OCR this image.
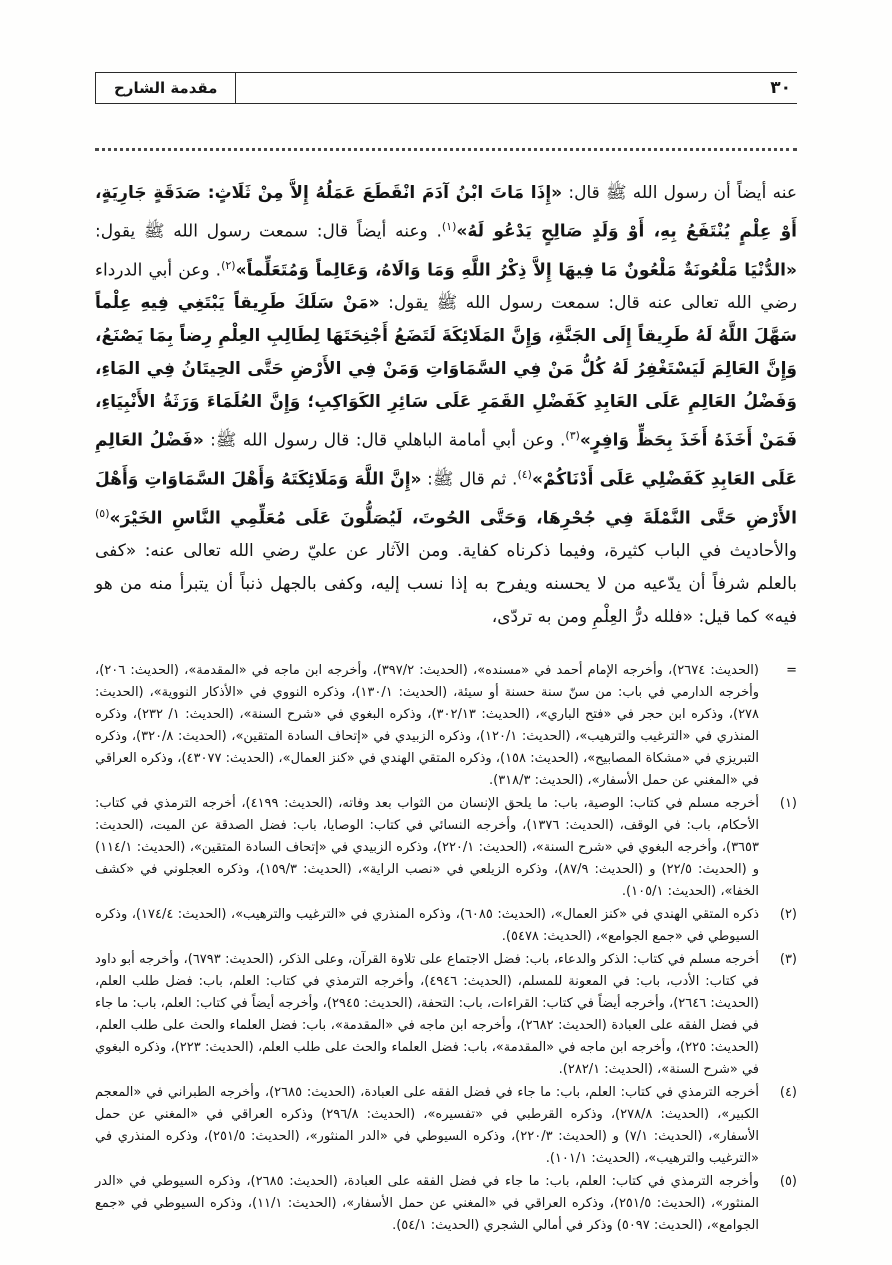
٣٠
مقدمة الشارح

عنه أيضاً أن رسول الله ﷺ قال: «إِذَا مَاتَ ابْنُ آدَمَ انْقَطَعَ عَمَلُهُ إِلاَّ مِنْ ثَلَاثٍ: صَدَقَةٍ جَارِيَةٍ، أَوْ عِلْمٍ يُنْتَفَعُ بِهِ، أَوْ وَلَدٍ صَالِحٍ يَدْعُو لَهُ»$^{(١)}$. وعنه أيضاً قال: سمعت رسول الله ﷺ يقول: «الدُّنْيَا مَلْعُونَةٌ مَلْعُونٌ مَا فِيهَا إِلاَّ ذِكْرُ اللَّهِ وَمَا وَالَاهُ، وَعَالِماً وَمُتَعَلِّماً»$^{(٢)}$. وعن أبي الدرداء رضي الله تعالى عنه قال: سمعت رسول الله ﷺ يقول: «مَنْ سَلَكَ طَرِيقاً يَبْتَغِي فِيهِ عِلْماً سَهَّلَ اللَّهُ لَهُ طَرِيقاً إِلَى الجَنَّةِ، وَإِنَّ المَلَائِكَةَ لَتَضَعُ أَجْنِحَتَهَا لِطَالِبِ العِلْمِ رِضاً بِمَا يَصْنَعُ، وَإِنَّ العَالِمَ لَيَسْتَغْفِرُ لَهُ كُلُّ مَنْ فِي السَّمَاوَاتِ وَمَنْ فِي الأَرْضِ حَتَّى الحِيتَانُ فِي المَاءِ، وَفَضْلُ العَالِمِ عَلَى العَابِدِ كَفَضْلِ القَمَرِ عَلَى سَائِرِ الكَوَاكِبِ؛ وَإِنَّ العُلَمَاءَ وَرَثَةُ الأَنْبِيَاءِ، فَمَنْ أَخَذَهُ أَخَذَ بِحَظٍّ وَافِرٍ»$^{(٣)}$. وعن أبي أمامة الباهلي قال: قال رسول الله ﷺ: «فَضْلُ العَالِمِ عَلَى العَابِدِ كَفَضْلِي عَلَى أَدْنَاكُمْ»$^{(٤)}$. ثم قال ﷺ: «إِنَّ اللَّهَ وَمَلَائِكَتَهُ وَأَهْلَ السَّمَاوَاتِ وَأَهْلَ الأَرْضِ حَتَّى النَّمْلَةَ فِي جُحْرِهَا، وَحَتَّى الحُوتَ، لَيُصَلُّونَ عَلَى مُعَلِّمِي النَّاسِ الخَيْرَ»$^{(٥)}$ والأحاديث في الباب كثيرة، وفيما ذكرناه كفاية. ومن الآثار عن عليّ رضي الله تعالى عنه: «كفى بالعلم شرفاً أن يدّعيه من لا يحسنه ويفرح به إذا نسب إليه، وكفى بالجهل ذنباً أن يتبرأ منه من هو فيه» كما قيل: «فلله درُّ العِلْمِ ومن به تردّى،

=
(الحديث: ٢٦٧٤)، وأخرجه الإمام أحمد في «مسنده»، (الحديث: ٣٩٧/٢)، وأخرجه ابن ماجه في «المقدمة»، (الحديث: ٢٠٦)، وأخرجه الدارمي في باب: من سنّ سنة حسنة أو سيئة، (الحديث: ١٣٠/١)، وذكره النووي في «الأذكار النووية»، (الحديث: ٢٧٨)، وذكره ابن حجر في «فتح الباري»، (الحديث: ٣٠٢/١٣)، وذكره البغوي في «شرح السنة»، (الحديث: ١/ ٢٣٢)، وذكره المنذري في «الترغيب والترهيب»، (الحديث: ١٢٠/١)، وذكره الزبيدي في «إتحاف السادة المتقين»، (الحديث: ٣٢٠/٨)، وذكره التبريزي في «مشكاة المصابيح»، (الحديث: ١٥٨)، وذكره المتقي الهندي في «كنز العمال»، (الحديث: ٤٣٠٧٧)، وذكره العراقي في «المغني عن حمل الأسفار»، (الحديث: ٣١٨/٣).
(١)
أخرجه مسلم في كتاب: الوصية، باب: ما يلحق الإنسان من الثواب بعد وفاته، (الحديث: ٤١٩٩)، أخرجه الترمذي في كتاب: الأحكام، باب: في الوقف، (الحديث: ١٣٧٦)، وأخرجه النسائي في كتاب: الوصايا، باب: فضل الصدقة عن الميت، (الحديث: ٣٦٥٣)، وأخرجه البغوي في «شرح السنة»، (الحديث: ٢٢٠/١)، وذكره الزبيدي في «إتحاف السادة المتقين»، (الحديث: ١١٤/١) و (الحديث: ٢٢/٥) و (الحديث: ٨٧/٩)، وذكره الزيلعي في «نصب الراية»، (الحديث: ١٥٩/٣)، وذكره العجلوني في «كشف الخفا»، (الحديث: ١٠٥/١).
(٢)
ذكره المتقي الهندي في «كنز العمال»، (الحديث: ٦٠٨٥)، وذكره المنذري في «الترغيب والترهيب»، (الحديث: ١٧٤/٤)، وذكره السيوطي في «جمع الجوامع»، (الحديث: ٥٤٧٨).
(٣)
أخرجه مسلم في كتاب: الذكر والدعاء، باب: فضل الاجتماع على تلاوة القرآن، وعلى الذكر، (الحديث: ٦٧٩٣)، وأخرجه أبو داود في كتاب: الأدب، باب: في المعونة للمسلم، (الحديث: ٤٩٤٦)، وأخرجه الترمذي في كتاب: العلم، باب: فضل طلب العلم، (الحديث: ٢٦٤٦)، وأخرجه أيضاً في كتاب: القراءات، باب: التحفة، (الحديث: ٢٩٤٥)، وأخرجه أيضاً في كتاب: العلم، باب: ما جاء في فضل الفقه على العبادة (الحديث: ٢٦٨٢)، وأخرجه ابن ماجه في «المقدمة»، باب: فضل العلماء والحث على طلب العلم، (الحديث: ٢٢٥)، وأخرجه ابن ماجه في «المقدمة»، باب: فضل العلماء والحث على طلب العلم، (الحديث: ٢٢٣)، وذكره البغوي في «شرح السنة»، (الحديث: ٢٨٢/١).
(٤)
أخرجه الترمذي في كتاب: العلم، باب: ما جاء في فضل الفقه على العبادة، (الحديث: ٢٦٨٥)، وأخرجه الطبراني في «المعجم الكبير»، (الحديث: ٢٧٨/٨)، وذكره القرطبي في «تفسيره»، (الحديث: ٢٩٦/٨) وذكره العراقي في «المغني عن حمل الأسفار»، (الحديث: ٧/١) و (الحديث: ٢٢٠/٣)، وذكره السيوطي في «الدر المنثور»، (الحديث: ٢٥١/٥)، وذكره المنذري في «الترغيب والترهيب»، (الحديث: ١٠١/١).
(٥)
وأخرجه الترمذي في كتاب: العلم، باب: ما جاء في فضل الفقه على العبادة، (الحديث: ٢٦٨٥)، وذكره السيوطي في «الدر المنثور»، (الحديث: ٢٥١/٥)، وذكره العراقي في «المغني عن حمل الأسفار»، (الحديث: ١١/١)، وذكره السيوطي في «جمع الجوامع»، (الحديث: ٥٠٩٧) وذكر في أمالي الشجري (الحديث: ٥٤/١).
